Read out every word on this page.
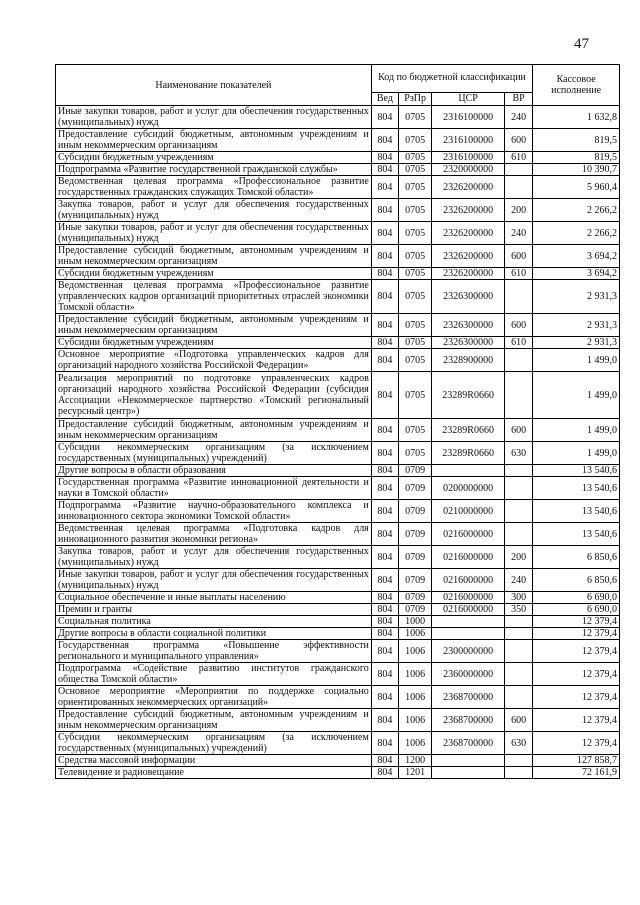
47
Наименование показателей	Код по бюджетной классификации				Кассовое исполнение
	Вед	РзПр	ЦСР	ВР	
Иные закупки товаров, работ и услуг для обеспечения государственных (муниципальных) нужд	804	0705	2316100000	240	1 632,8
Предоставление субсидий бюджетным, автономным учреждениям и иным некоммерческим организациям	804	0705	2316100000	600	819,5
Субсидии бюджетным учреждениям	804	0705	2316100000	610	819,5
Подпрограмма «Развитие государственной гражданской службы»	804	0705	2320000000		10 390,7
Ведомственная целевая программа «Профессиональное развитие государственных гражданских служащих Томской области»	804	0705	2326200000		5 960,4
Закупка товаров, работ и услуг для обеспечения государственных (муниципальных) нужд	804	0705	2326200000	200	2 266,2
Иные закупки товаров, работ и услуг для обеспечения государственных (муниципальных) нужд	804	0705	2326200000	240	2 266,2
Предоставление субсидий бюджетным, автономным учреждениям и иным некоммерческим организациям	804	0705	2326200000	600	3 694,2
Субсидии бюджетным учреждениям	804	0705	2326200000	610	3 694,2
Ведомственная целевая программа «Профессиональное развитие управленческих кадров организаций приоритетных отраслей экономики Томской области»	804	0705	2326300000		2 931,3
Предоставление субсидий бюджетным, автономным учреждениям и иным некоммерческим организациям	804	0705	2326300000	600	2 931,3
Субсидии бюджетным учреждениям	804	0705	2326300000	610	2 931,3
Основное мероприятие «Подготовка управленческих кадров для организаций народного хозяйства Российской Федерации»	804	0705	2328900000		1 499,0
Реализация мероприятий по подготовке управленческих кадров организаций народного хозяйства Российской Федерации (субсидия Ассоциации «Некоммерческое партнерство «Томский региональный ресурсный центр»)	804	0705	23289R0660		1 499,0
Предоставление субсидий бюджетным, автономным учреждениям и иным некоммерческим организациям	804	0705	23289R0660	600	1 499,0
Субсидии некоммерческим организациям (за исключением государственных (муниципальных) учреждений)	804	0705	23289R0660	630	1 499,0
Другие вопросы в области образования	804	0709			13 540,6
Государственная программа «Развитие инновационной деятельности и науки в Томской области»	804	0709	0200000000		13 540,6
Подпрограмма «Развитие научно-образовательного комплекса и инновационного сектора экономики Томской области»	804	0709	0210000000		13 540,6
Ведомственная целевая программа «Подготовка кадров для инновационного развития экономики региона»	804	0709	0216000000		13 540,6
Закупка товаров, работ и услуг для обеспечения государственных (муниципальных) нужд	804	0709	0216000000	200	6 850,6
Иные закупки товаров, работ и услуг для обеспечения государственных (муниципальных) нужд	804	0709	0216000000	240	6 850,6
Социальное обеспечение и иные выплаты населению	804	0709	0216000000	300	6 690,0
Премии и гранты	804	0709	0216000000	350	6 690,0
Социальная политика	804	1000			12 379,4
Другие вопросы в области социальной политики	804	1006			12 379,4
Государственная программа «Повышение эффективности регионального и муниципального управления»	804	1006	2300000000		12 379,4
Подпрограмма «Содействие развитию институтов гражданского общества Томской области»	804	1006	2360000000		12 379,4
Основное мероприятие «Мероприятия по поддержке социально ориентированных некоммерческих организаций»	804	1006	2368700000		12 379,4
Предоставление субсидий бюджетным, автономным учреждениям и иным некоммерческим организациям	804	1006	2368700000	600	12 379,4
Субсидии некоммерческим организациям (за исключением государственных (муниципальных) учреждений)	804	1006	2368700000	630	12 379,4
Средства массовой информации	804	1200			127 858,7
Телевидение и радиовещание	804	1201			72 161,9
